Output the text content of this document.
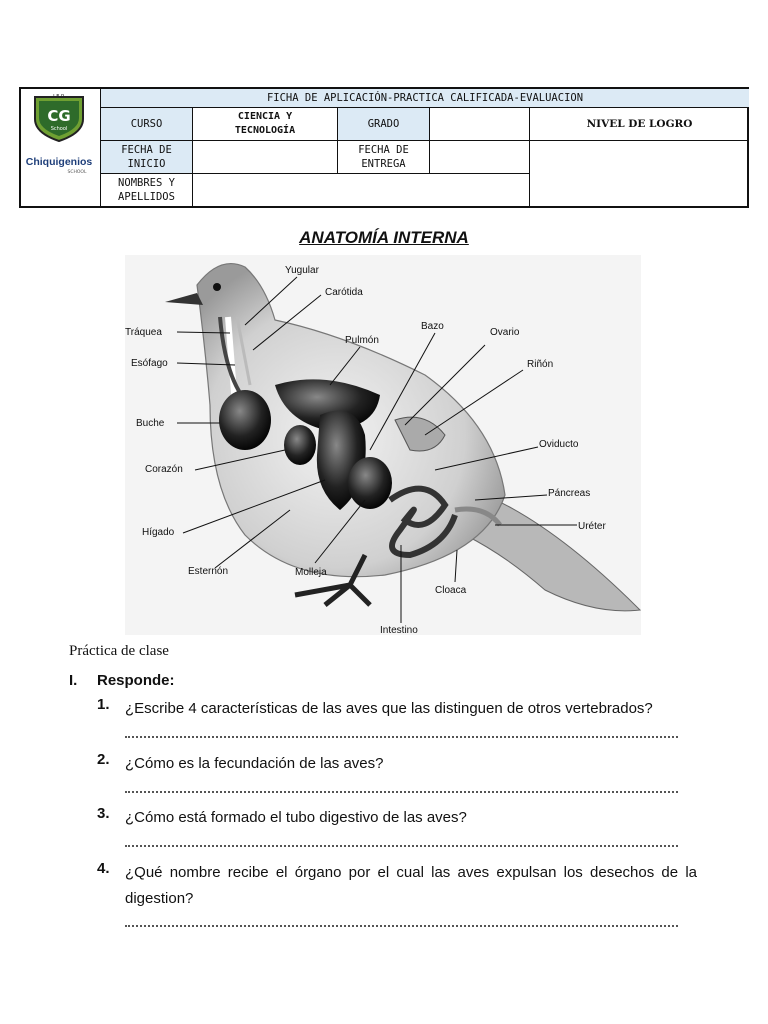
I.E.P.
CG
School
Chiquigenios
SCHOOL
FICHA DE APLICACIÓN-PRACTICA CALIFICADA-EVALUACION
CURSO
CIENCIA Y TECNOLOGÍA
GRADO	NIVEL DE LOGRO
FECHA DE INICIO
FECHA DE ENTREGA
NOMBRES Y APELLIDOS
ANATOMÍA INTERNA
Yugular
Carótida
Tráquea
Esófago
Pulmón
Bazo
Ovario
Riñón
Buche
Corazón
Oviducto
Páncreas
Hígado
Uréter
Esternón	Molleja
Cloaca
Intestino
Práctica de clase
I. Responde:
1. ¿Escribe 4 características de las aves que las distinguen de otros vertebrados?
2. ¿Cómo es la fecundación de las aves?
3. ¿Cómo está formado el tubo digestivo de las aves?
4. ¿Qué nombre recibe el órgano por el cual las aves expulsan los desechos de la digestion?
